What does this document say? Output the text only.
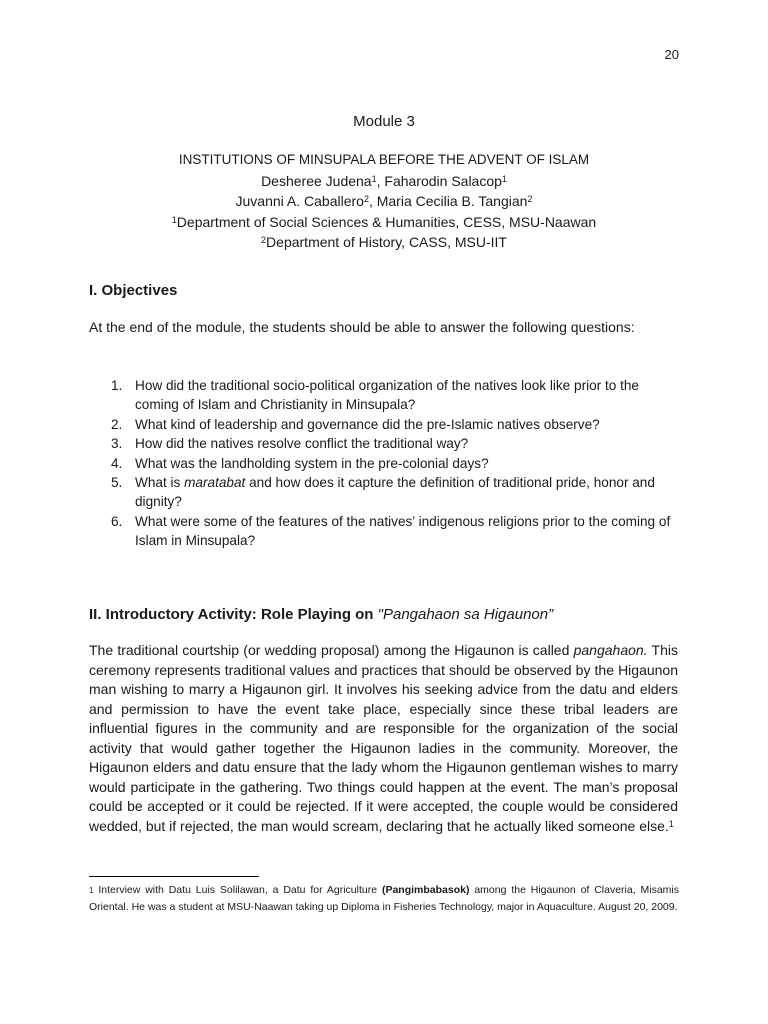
20
Module 3
INSTITUTIONS OF MINSUPALA BEFORE THE ADVENT OF ISLAM
Desheree Judena$^1$, Faharodin Salacop$^1$
Juvanni A. Caballero$^2$, Maria Cecilia B. Tangian$^2$
$^1$Department of Social Sciences & Humanities, CESS, MSU-Naawan
$^2$Department of History, CASS, MSU-IIT
I. Objectives
At the end of the module, the students should be able to answer the following questions:
1. How did the traditional socio-political organization of the natives look like prior to the coming of Islam and Christianity in Minsupala?
2. What kind of leadership and governance did the pre-Islamic natives observe?
3. How did the natives resolve conflict the traditional way?
4. What was the landholding system in the pre-colonial days?
5. What is maratabat and how does it capture the definition of traditional pride, honor and dignity?
6. What were some of the features of the natives’ indigenous religions prior to the coming of Islam in Minsupala?
II. Introductory Activity: Role Playing on "Pangahaon sa Higaunon”
The traditional courtship (or wedding proposal) among the Higaunon is called pangahaon. This ceremony represents traditional values and practices that should be observed by the Higaunon man wishing to marry a Higaunon girl. It involves his seeking advice from the datu and elders and permission to have the event take place, especially since these tribal leaders are influential figures in the community and are responsible for the organization of the social activity that would gather together the Higaunon ladies in the community. Moreover, the Higaunon elders and datu ensure that the lady whom the Higaunon gentleman wishes to marry would participate in the gathering. Two things could happen at the event. The man’s proposal could be accepted or it could be rejected. If it were accepted, the couple would be considered wedded, but if rejected, the man would scream, declaring that he actually liked someone else.$^1$
$^1$ Interview with Datu Luis Solilawan, a Datu for Agriculture (Pangimbabasok) among the Higaunon of Claveria, Misamis Oriental. He was a student at MSU-Naawan taking up Diploma in Fisheries Technology, major in Aquaculture. August 20, 2009.
